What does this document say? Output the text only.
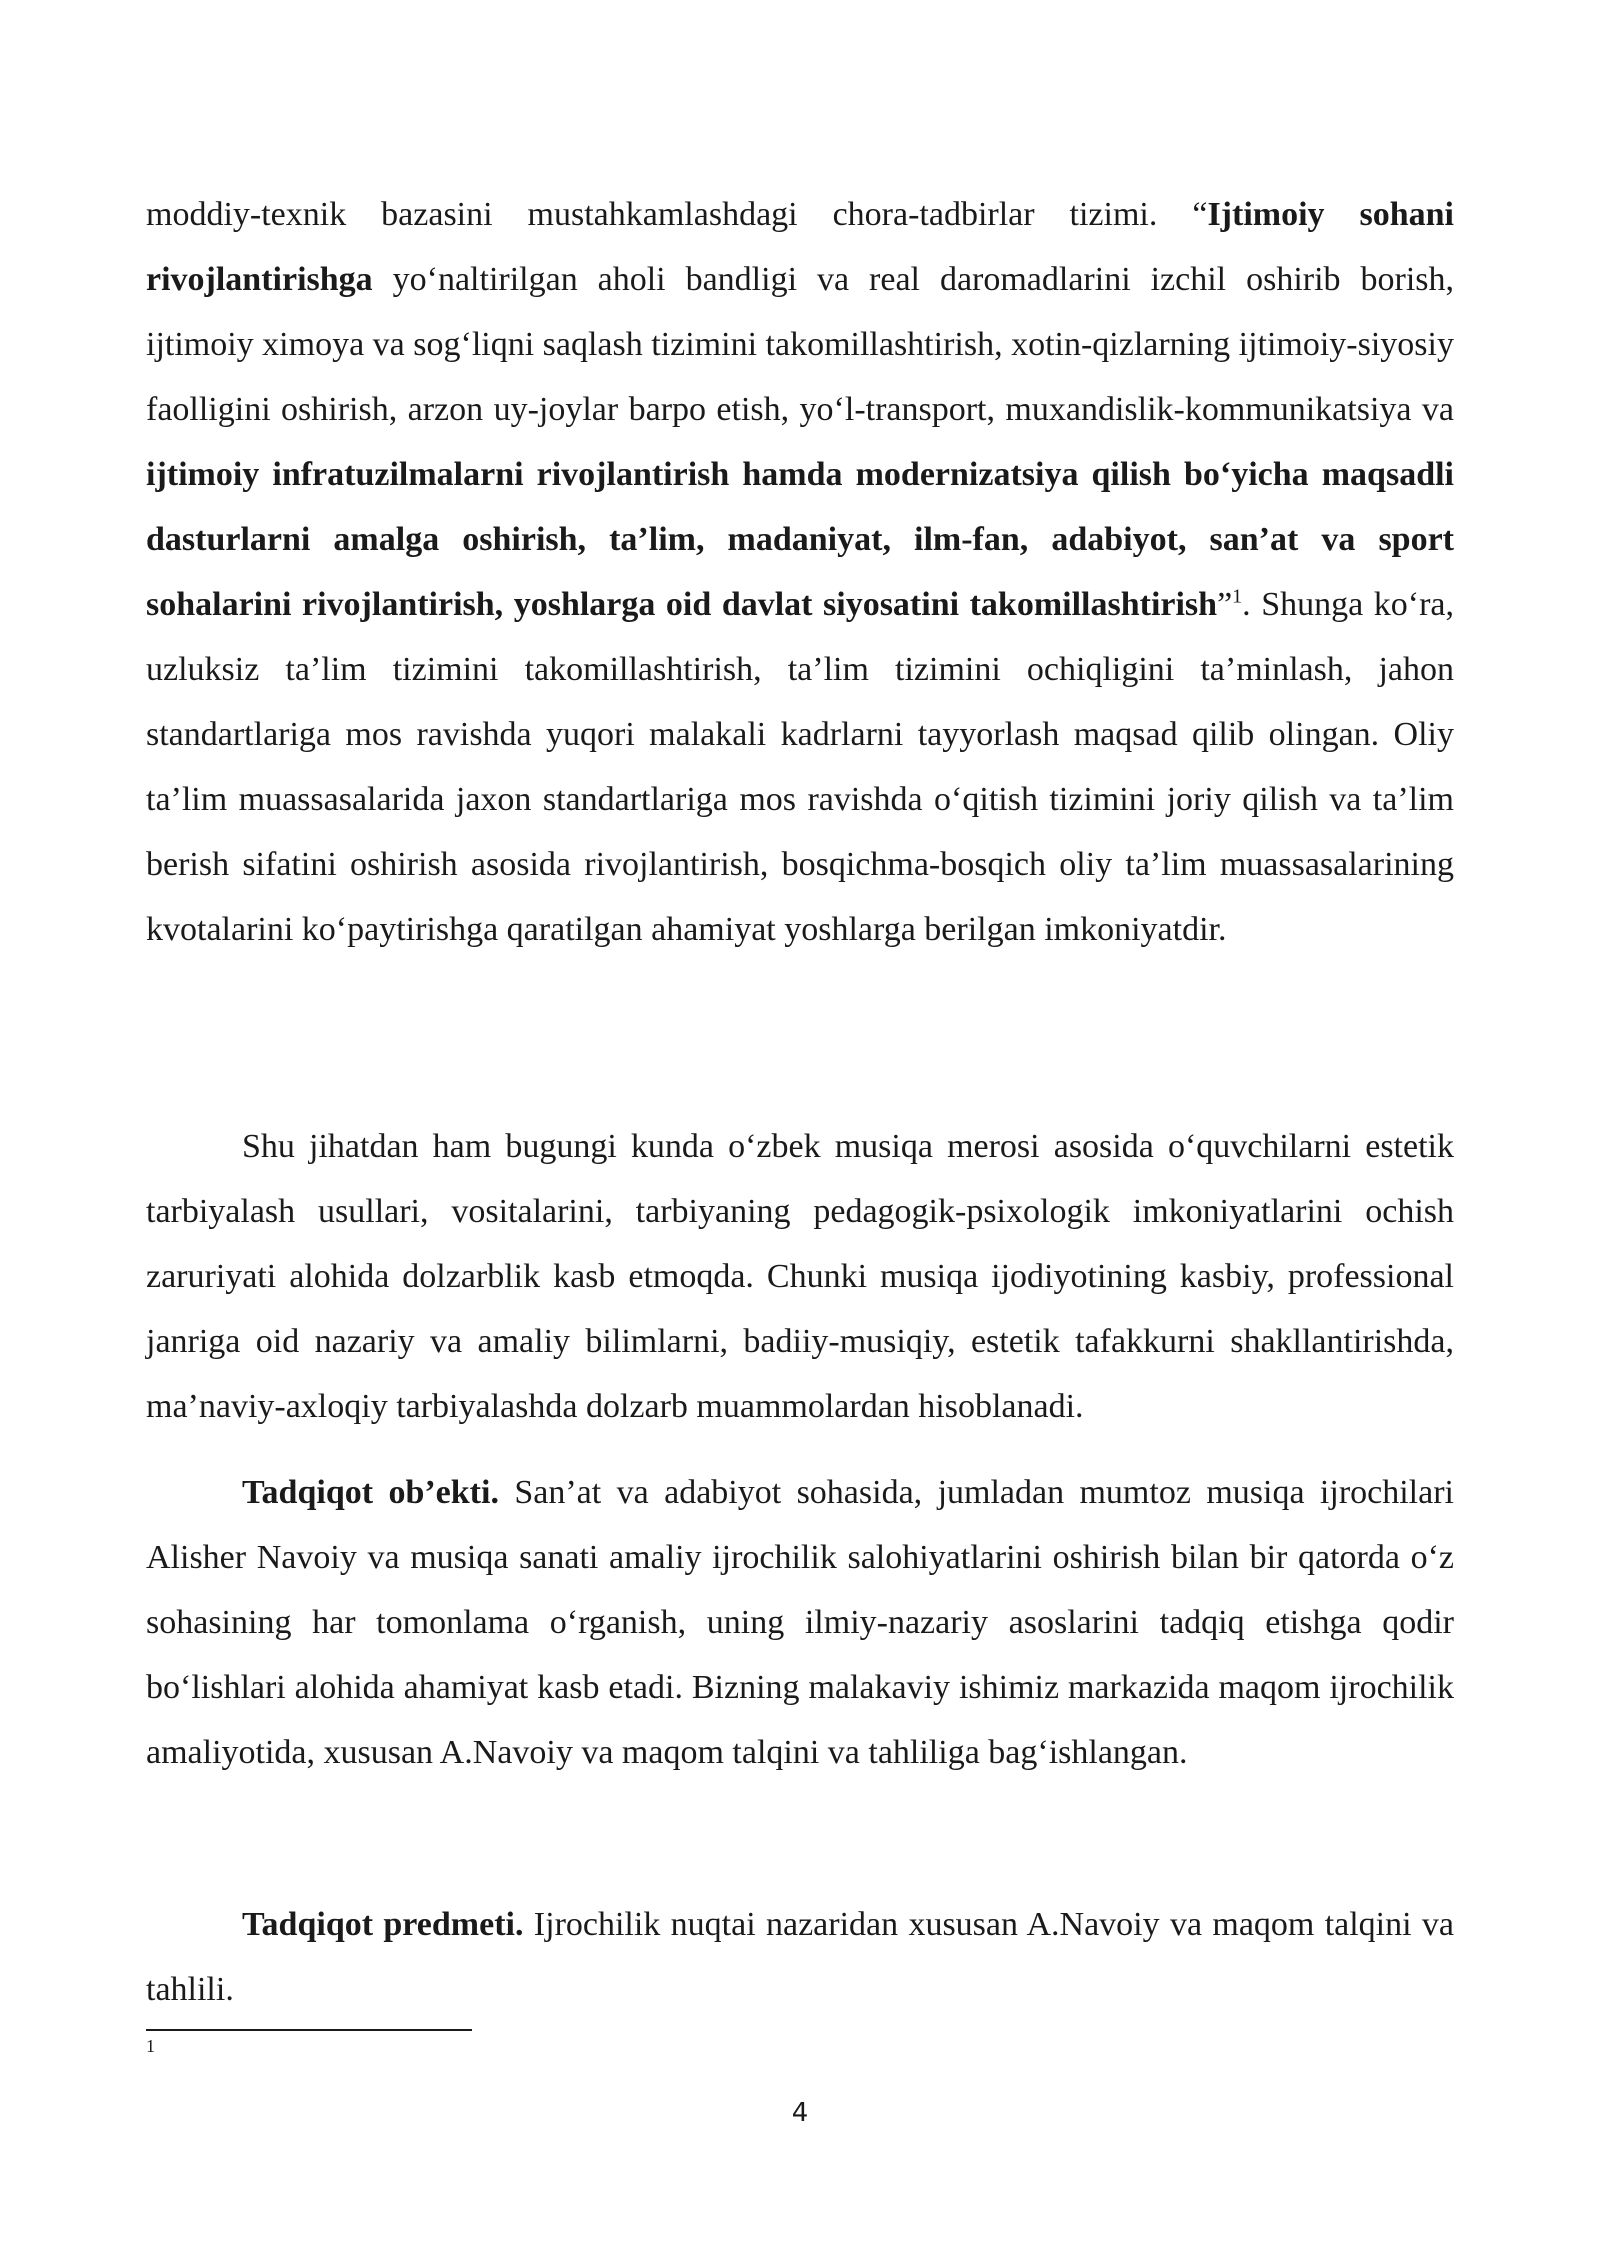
moddiy-texnik bazasini mustahkamlashdagi chora-tadbirlar tizimi. “Ijtimoiy sohani rivojlantirishga yo‘naltirilgan aholi bandligi va real daromadlarini izchil oshirib borish, ijtimoiy ximoya va sog‘liqni saqlash tizimini takomillashtirish, xotin-qizlarning ijtimoiy-siyosiy faolligini oshirish, arzon uy-joylar barpo etish, yo‘l-transport, muxandislik-kommunikatsiya va ijtimoiy infratuzilmalarni rivojlantirish hamda modernizatsiya qilish bo‘yicha maqsadli dasturlarni amalga oshirish, ta’lim, madaniyat, ilm-fan, adabiyot, san’at va sport sohalarini rivojlantirish, yoshlarga oid davlat siyosatini takomillashtirish”$^1$. Shunga ko‘ra, uzluksiz ta’lim tizimini takomillashtirish, ta’lim tizimini ochiqligini ta’minlash, jahon standartlariga mos ravishda yuqori malakali kadrlarni tayyorlash maqsad qilib olingan. Oliy ta’lim muassasalarida jaxon standartlariga mos ravishda o‘qitish tizimini joriy qilish va ta’lim berish sifatini oshirish asosida rivojlantirish, bosqichma-bosqich oliy ta’lim muassasalarining kvotalarini ko‘paytirishga qaratilgan ahamiyat yoshlarga berilgan imkoniyatdir.

Shu jihatdan ham bugungi kunda o‘zbek musiqa merosi asosida o‘quvchilarni estetik tarbiyalash usullari, vositalarini, tarbiyaning pedagogik-psixologik imkoniyatlarini ochish zaruriyati alohida dolzarblik kasb etmoqda. Chunki musiqa ijodiyotining kasbiy, professional janriga oid nazariy va amaliy bilimlarni, badiiy-musiqiy, estetik tafakkurni shakllantirishda, ma’naviy-axloqiy tarbiyalashda dolzarb muammolardan hisoblanadi.

Tadqiqot ob’ekti. San’at va adabiyot sohasida, jumladan mumtoz musiqa ijrochilari Alisher Navoiy va musiqa sanati amaliy ijrochilik salohiyatlarini oshirish bilan bir qatorda o‘z sohasining har tomonlama o‘rganish, uning ilmiy-nazariy asoslarini tadqiq etishga qodir bo‘lishlari alohida ahamiyat kasb etadi. Bizning malakaviy ishimiz markazida maqom ijrochilik amaliyotida, xususan A.Navoiy va maqom talqini va tahliliga bag‘ishlangan.

Tadqiqot predmeti. Ijrochilik nuqtai nazaridan xususan A.Navoiy va maqom talqini va tahlili.

1
4
